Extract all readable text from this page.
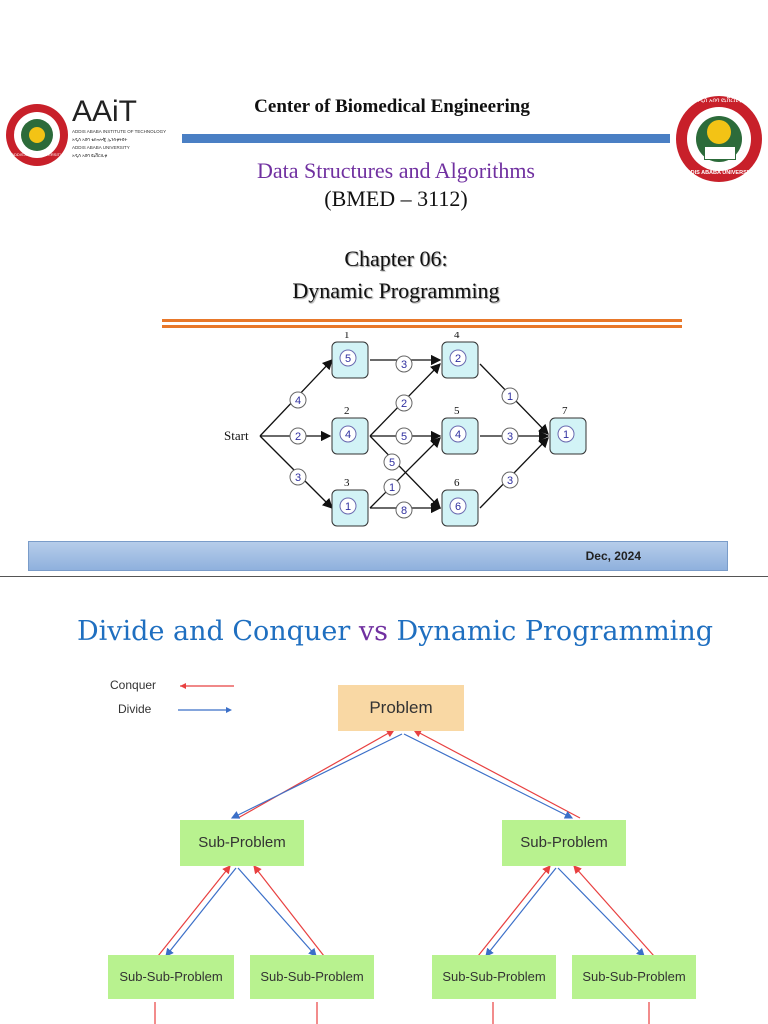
ADDIS ABABA UNIVERSITY
AAiT
ADDIS ABABA INSTITUTE OF TECHNOLOGY
አዲስ አበባ ቴክኖሎጂ ኢንስቲትዩት
ADDIS ABABA UNIVERSITY
አዲስ አበባ ዩኒቨርሲቲ
አዲስ አበባ ዩኒቨርሲቲ
ADDIS ABABA UNIVERSITY
Center of Biomedical Engineering
Data Structures and Algorithms
(BMED – 3112)
Chapter 06:
Dynamic Programming
Start
5
1
4
2
1
3
2
4
4
5
6
6
1
7
4
2
3
3
2
5
5
1
8
1
3
3
Dec, 2024
Divide and Conquer vs Dynamic Programming
Conquer
Divide	Problem
Sub-Problem	Sub-Problem
Sub-Sub-Problem	Sub-Sub-Problem	Sub-Sub-Problem	Sub-Sub-Problem
